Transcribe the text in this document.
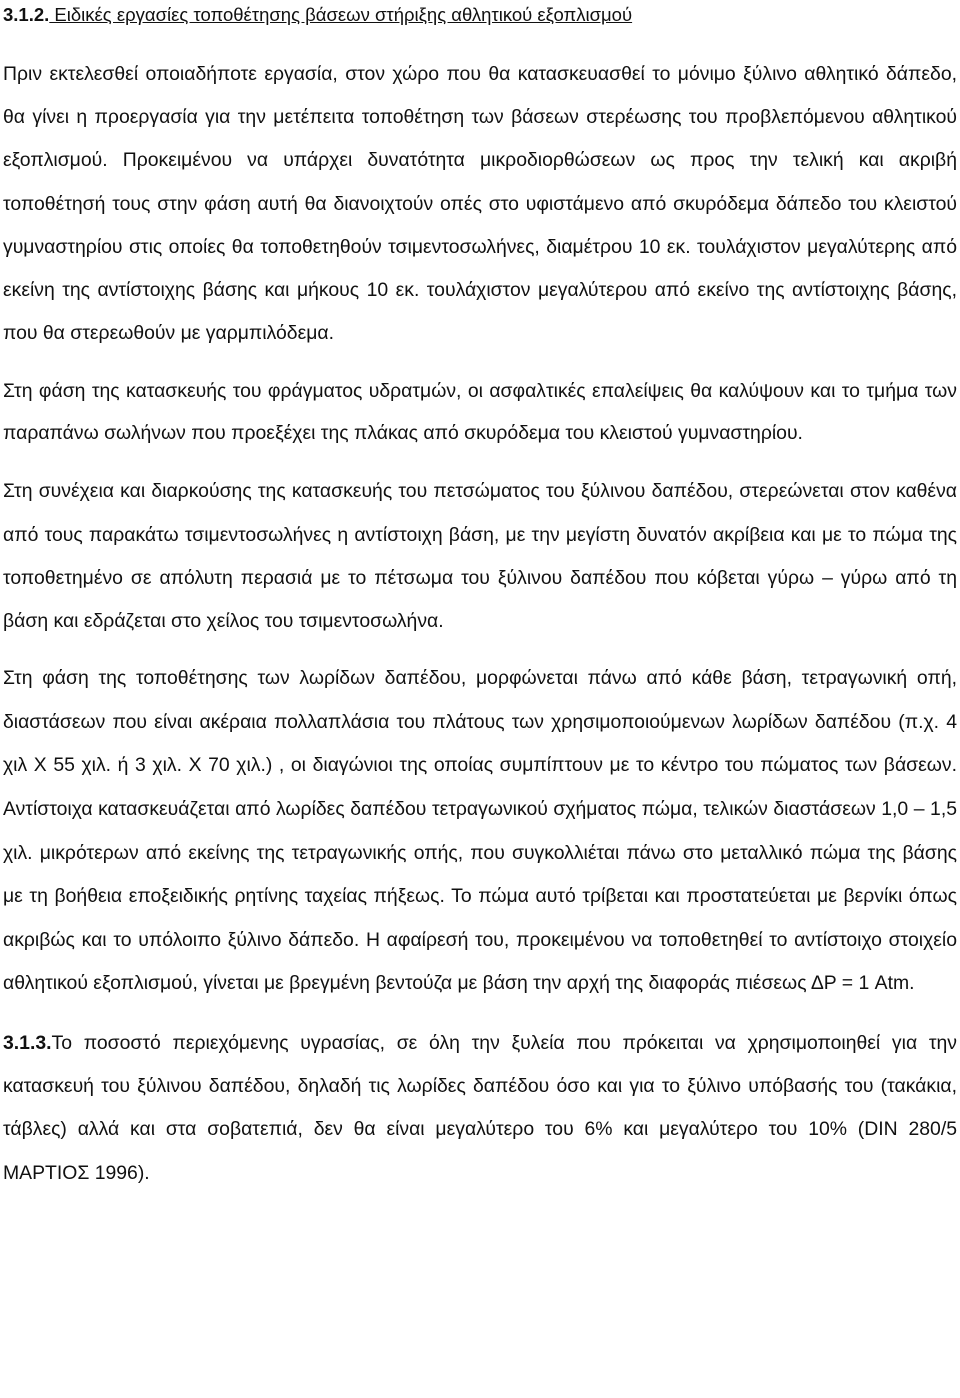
3.1.2. Ειδικές εργασίες τοποθέτησης βάσεων στήριξης αθλητικού εξοπλισμού

Πριν εκτελεσθεί οποιαδήποτε εργασία, στον χώρο που θα κατασκευασθεί το μόνιμο ξύλινο αθλητικό δάπεδο, θα γίνει η προεργασία για την μετέπειτα τοποθέτηση των βάσεων στερέωσης του προβλεπόμενου αθλητικού εξοπλισμού. Προκειμένου να υπάρχει δυνατότητα μικροδιορθώσεων ως προς την τελική και ακριβή τοποθέτησή τους στην φάση αυτή θα διανοιχτούν οπές στο υφιστάμενο από σκυρόδεμα δάπεδο του κλειστού γυμναστηρίου στις οποίες θα τοποθετηθούν τσιμεντοσωλήνες, διαμέτρου 10 εκ. τουλάχιστον μεγαλύτερης από εκείνη της αντίστοιχης βάσης και μήκους 10 εκ. τουλάχιστον μεγαλύτερου από εκείνο της αντίστοιχης βάσης, που θα στερεωθούν με γαρμπιλόδεμα.

Στη φάση της κατασκευής του φράγματος υδρατμών, οι ασφαλτικές επαλείψεις θα καλύψουν και το τμήμα των παραπάνω σωλήνων που προεξέχει της πλάκας από σκυρόδεμα του κλειστού γυμναστηρίου.

Στη συνέχεια και διαρκούσης της κατασκευής του πετσώματος του ξύλινου δαπέδου, στερεώνεται στον καθένα από τους παρακάτω τσιμεντοσωλήνες η αντίστοιχη βάση, με την μεγίστη δυνατόν ακρίβεια και με το πώμα της τοποθετημένο σε απόλυτη περασιά με το πέτσωμα του ξύλινου δαπέδου που κόβεται γύρω – γύρω από τη βάση και εδράζεται στο χείλος του τσιμεντοσωλήνα.

Στη φάση της τοποθέτησης των λωρίδων δαπέδου, μορφώνεται πάνω από κάθε βάση, τετραγωνική οπή, διαστάσεων που είναι ακέραια πολλαπλάσια του πλάτους των χρησιμοποιούμενων λωρίδων δαπέδου (π.χ. 4 χιλ Χ 55 χιλ. ή 3 χιλ. Χ 70 χιλ.) , οι διαγώνιοι της οποίας συμπίπτουν με το κέντρο του πώματος των βάσεων. Αντίστοιχα κατασκευάζεται από λωρίδες δαπέδου τετραγωνικού σχήματος πώμα, τελικών διαστάσεων 1,0 – 1,5 χιλ. μικρότερων από εκείνης της τετραγωνικής οπής, που συγκολλιέται πάνω στο μεταλλικό πώμα της βάσης με τη βοήθεια εποξειδικής ρητίνης ταχείας πήξεως. Το πώμα αυτό τρίβεται και προστατεύεται με βερνίκι όπως ακριβώς και το υπόλοιπο ξύλινο δάπεδο. Η αφαίρεσή του, προκειμένου να τοποθετηθεί το αντίστοιχο στοιχείο αθλητικού εξοπλισμού, γίνεται με βρεγμένη βεντούζα με βάση την αρχή της διαφοράς πιέσεως ΔΡ = 1 Atm.

3.1.3.Το ποσοστό περιεχόμενης υγρασίας, σε όλη την ξυλεία που πρόκειται να χρησιμοποιηθεί για την κατασκευή του ξύλινου δαπέδου, δηλαδή τις λωρίδες δαπέδου όσο και για το ξύλινο υπόβασής του (τακάκια, τάβλες) αλλά και στα σοβατεπιά, δεν θα είναι μεγαλύτερο του 6% και μεγαλύτερο του 10% (DIN 280/5 ΜΑΡΤΙΟΣ 1996).
